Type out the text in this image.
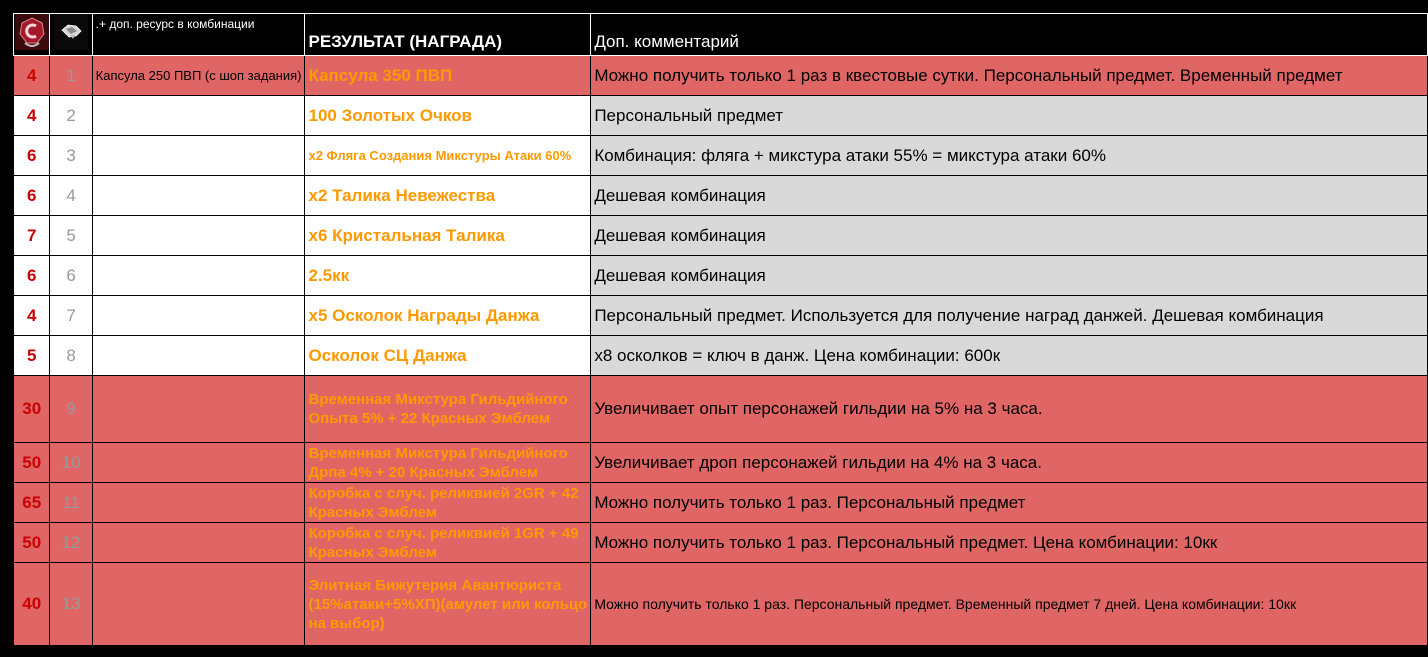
		.+ доп. ресурс в комбинации	РЕЗУЛЬТАТ (НАГРАДА)	Доп. комментарий
4	1	Капсула 250 ПВП (с шоп задания)	Капсула 350 ПВП	Можно получить только 1 раз в квестовые сутки. Персональный предмет. Временный предмет
4	2		100 Золотых Очков	Персональный предмет
6	3		x2 Фляга Создания Микстуры Атаки 60%	Комбинация: фляга + микстура атаки 55% = микстура атаки 60%
6	4		x2 Талика Невежества	Дешевая комбинация
7	5		x6 Кристальная Талика	Дешевая комбинация
6	6		2.5кк	Дешевая комбинация
4	7		x5 Осколок Награды Данжа	Персональный предмет. Используется для получение наград данжей. Дешевая комбинация
5	8		Осколок СЦ Данжа	x8 осколков = ключ в данж. Цена комбинации: 600к
30	9		Временная Микстура Гильдийного Опыта 5% + 22 Красных Эмблем	Увеличивает опыт персонажей гильдии на 5% на 3 часа.
50	10		Временная Микстура Гильдийного Дрпа 4% + 20 Красных Эмблем	Увеличивает дроп персонажей гильдии на 4% на 3 часа.
65	11		Коробка с случ. реликвией 2GR + 42 Красных Эмблем	Можно получить только 1 раз. Персональный предмет
50	12		Коробка с случ. реликвией 1GR + 49 Красных Эмблем	Можно получить только 1 раз. Персональный предмет. Цена комбинации: 10кк
40	13		Элитная Бижутерия Авантюриста (15%атаки+5%ХП)(амулет или кольцо на выбор)	Можно получить только 1 раз. Персональный предмет. Временный предмет 7 дней. Цена комбинации: 10кк
